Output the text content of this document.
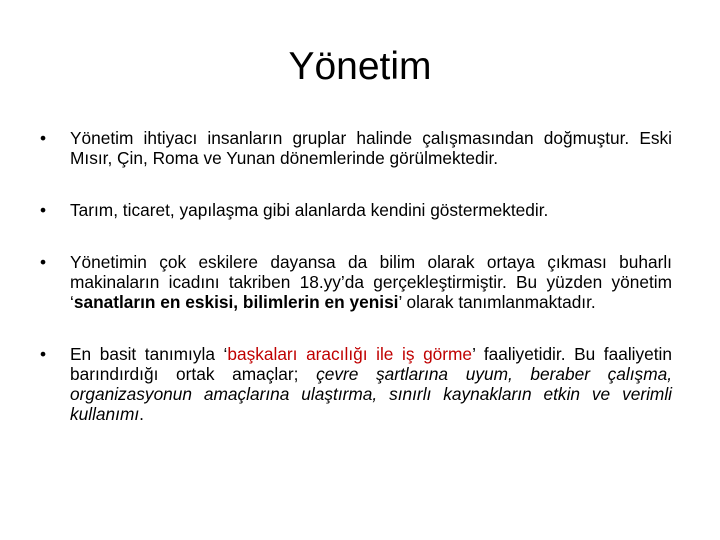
Yönetim
•	Yönetim ihtiyacı insanların gruplar halinde çalışmasından doğmuştur. Eski Mısır, Çin, Roma ve Yunan dönemlerinde görülmektedir.
•	Tarım, ticaret, yapılaşma gibi alanlarda kendini göstermektedir.
•	Yönetimin çok eskilere dayansa da bilim olarak ortaya çıkması buharlı makinaların icadını takriben 18.yy’da gerçekleştirmiştir. Bu yüzden yönetim ‘sanatların en eskisi, bilimlerin en yenisi’ olarak tanımlanmaktadır.
•	En basit tanımıyla ‘başkaları aracılığı ile iş görme’ faaliyetidir. Bu faaliyetin barındırdığı ortak amaçlar; çevre şartlarına uyum, beraber çalışma, organizasyonun amaçlarına ulaştırma, sınırlı kaynakların etkin ve verimli kullanımı.
